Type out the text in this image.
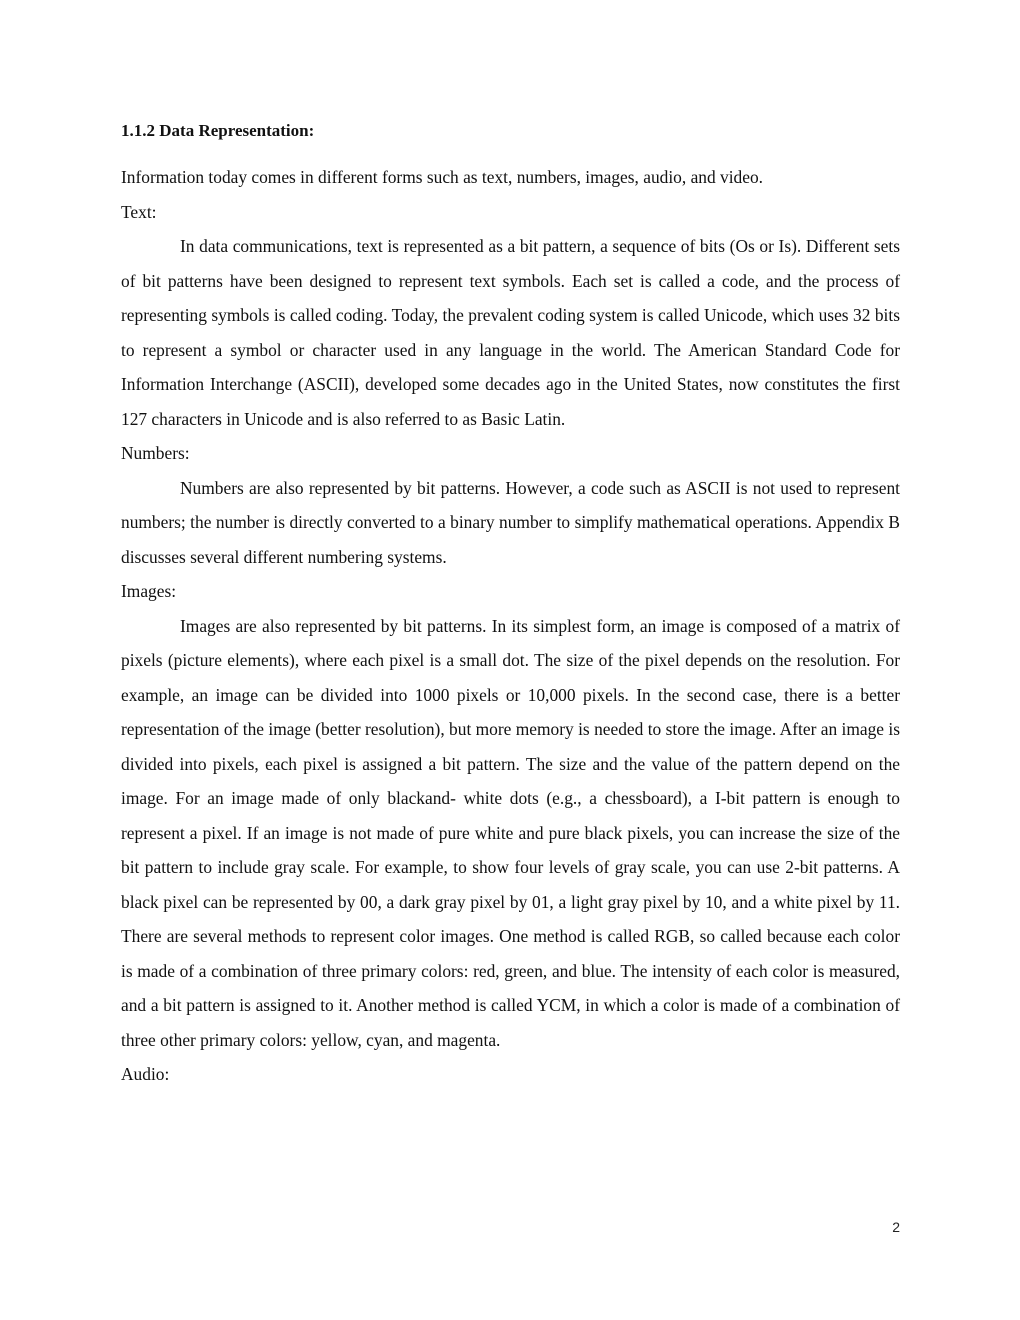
1.1.2 Data Representation:

Information today comes in different forms such as text, numbers, images, audio, and video.

Text:

In data communications, text is represented as a bit pattern, a sequence of bits (Os or Is). Different sets of bit patterns have been designed to represent text symbols. Each set is called a code, and the process of representing symbols is called coding. Today, the prevalent coding system is called Unicode, which uses 32 bits to represent a symbol or character used in any language in the world. The American Standard Code for Information Interchange (ASCII), developed some decades ago in the United States, now constitutes the first 127 characters in Unicode and is also referred to as Basic Latin.

Numbers:

Numbers are also represented by bit patterns. However, a code such as ASCII is not used to represent numbers; the number is directly converted to a binary number to simplify mathematical operations. Appendix B discusses several different numbering systems.

Images:

Images are also represented by bit patterns. In its simplest form, an image is composed of a matrix of pixels (picture elements), where each pixel is a small dot. The size of the pixel depends on the resolution. For example, an image can be divided into 1000 pixels or 10,000 pixels. In the second case, there is a better representation of the image (better resolution), but more memory is needed to store the image. After an image is divided into pixels, each pixel is assigned a bit pattern. The size and the value of the pattern depend on the image. For an image made of only blackand- white dots (e.g., a chessboard), a I-bit pattern is enough to represent a pixel. If an image is not made of pure white and pure black pixels, you can increase the size of the bit pattern to include gray scale. For example, to show four levels of gray scale, you can use 2-bit patterns. A black pixel can be represented by 00, a dark gray pixel by 01, a light gray pixel by 10, and a white pixel by 11. There are several methods to represent color images. One method is called RGB, so called because each color is made of a combination of three primary colors: red, green, and blue. The intensity of each color is measured, and a bit pattern is assigned to it. Another method is called YCM, in which a color is made of a combination of three other primary colors: yellow, cyan, and magenta.

Audio:
2
